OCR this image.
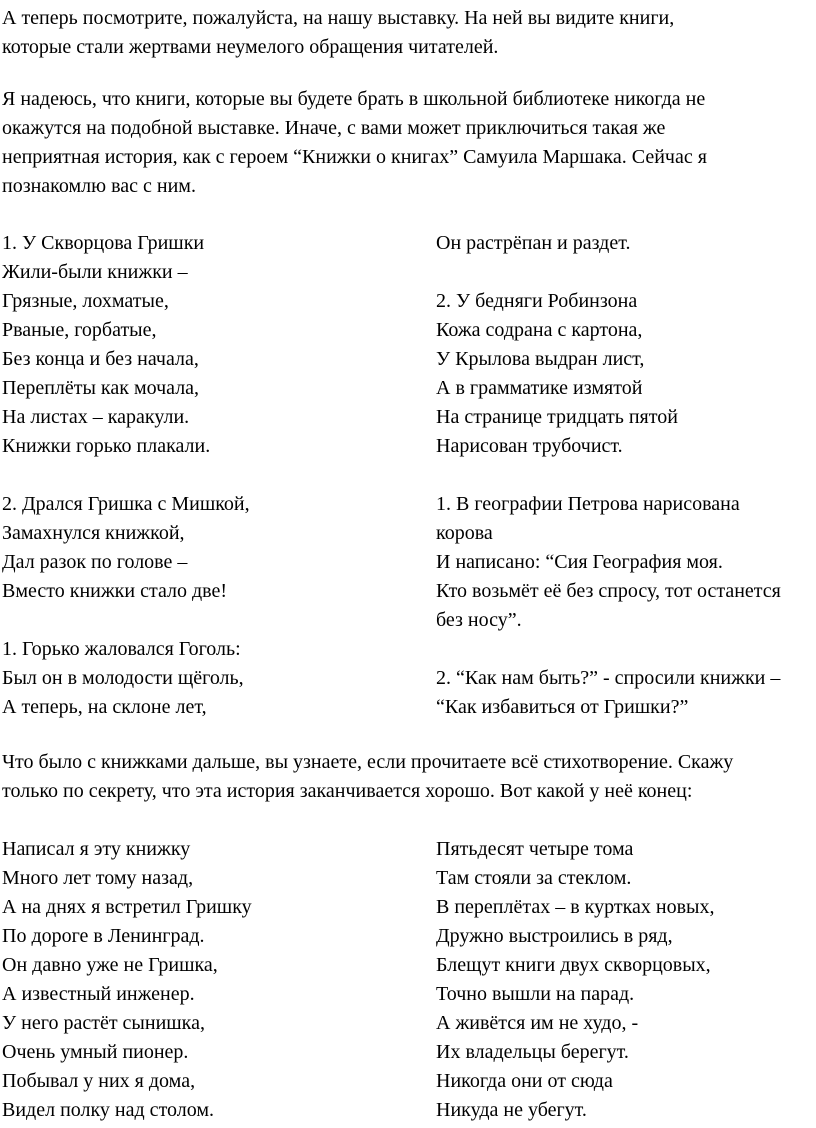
А теперь посмотрите, пожалуйста, на нашу выставку. На ней вы видите книги,
которые стали жертвами неумелого обращения читателей.
Я надеюсь, что книги, которые вы будете брать в школьной библиотеке никогда не
окажутся на подобной выставке. Иначе, с вами может приключиться такая же
неприятная история, как с героем “Книжки о книгах” Самуила Маршака. Сейчас я
познакомлю вас с ним.
1. У Скворцова Гришки
Жили-были книжки –
Грязные, лохматые,
Рваные, горбатые,
Без конца и без начала,
Переплёты как мочала,
На листах – каракули.
Книжки горько плакали.
2. Дрался Гришка с Мишкой,
Замахнулся книжкой,
Дал разок по голове –
Вместо книжки стало две!
1. Горько жаловался Гоголь:
Был он в молодости щёголь,
А теперь, на склоне лет,
Он растрёпан и раздет.
2. У бедняги Робинзона
Кожа содрана с картона,
У Крылова выдран лист,
А в грамматике измятой
На странице тридцать пятой
Нарисован трубочист.
1. В географии Петрова нарисована
корова
И написано: “Сия География моя.
Кто возьмёт её без спросу, тот останется
без носу”.
2. “Как нам быть?” - спросили книжки –
“Как избавиться от Гришки?”
Что было с книжками дальше, вы узнаете, если прочитаете всё стихотворение. Скажу
только по секрету, что эта история заканчивается хорошо. Вот какой у неё конец:
Написал я эту книжку
Много лет тому назад,
А на днях я встретил Гришку
По дороге в Ленинград.
Он давно уже не Гришка,
А известный инженер.
У него растёт сынишка,
Очень умный пионер.
Побывал у них я дома,
Видел полку над столом.
Пятьдесят четыре тома
Там стояли за стеклом.
В переплётах – в куртках новых,
Дружно выстроились в ряд,
Блещут книги двух скворцовых,
Точно вышли на парад.
А живётся им не худо, -
Их владельцы берегут.
Никогда они от сюда
Никуда не убегут.
